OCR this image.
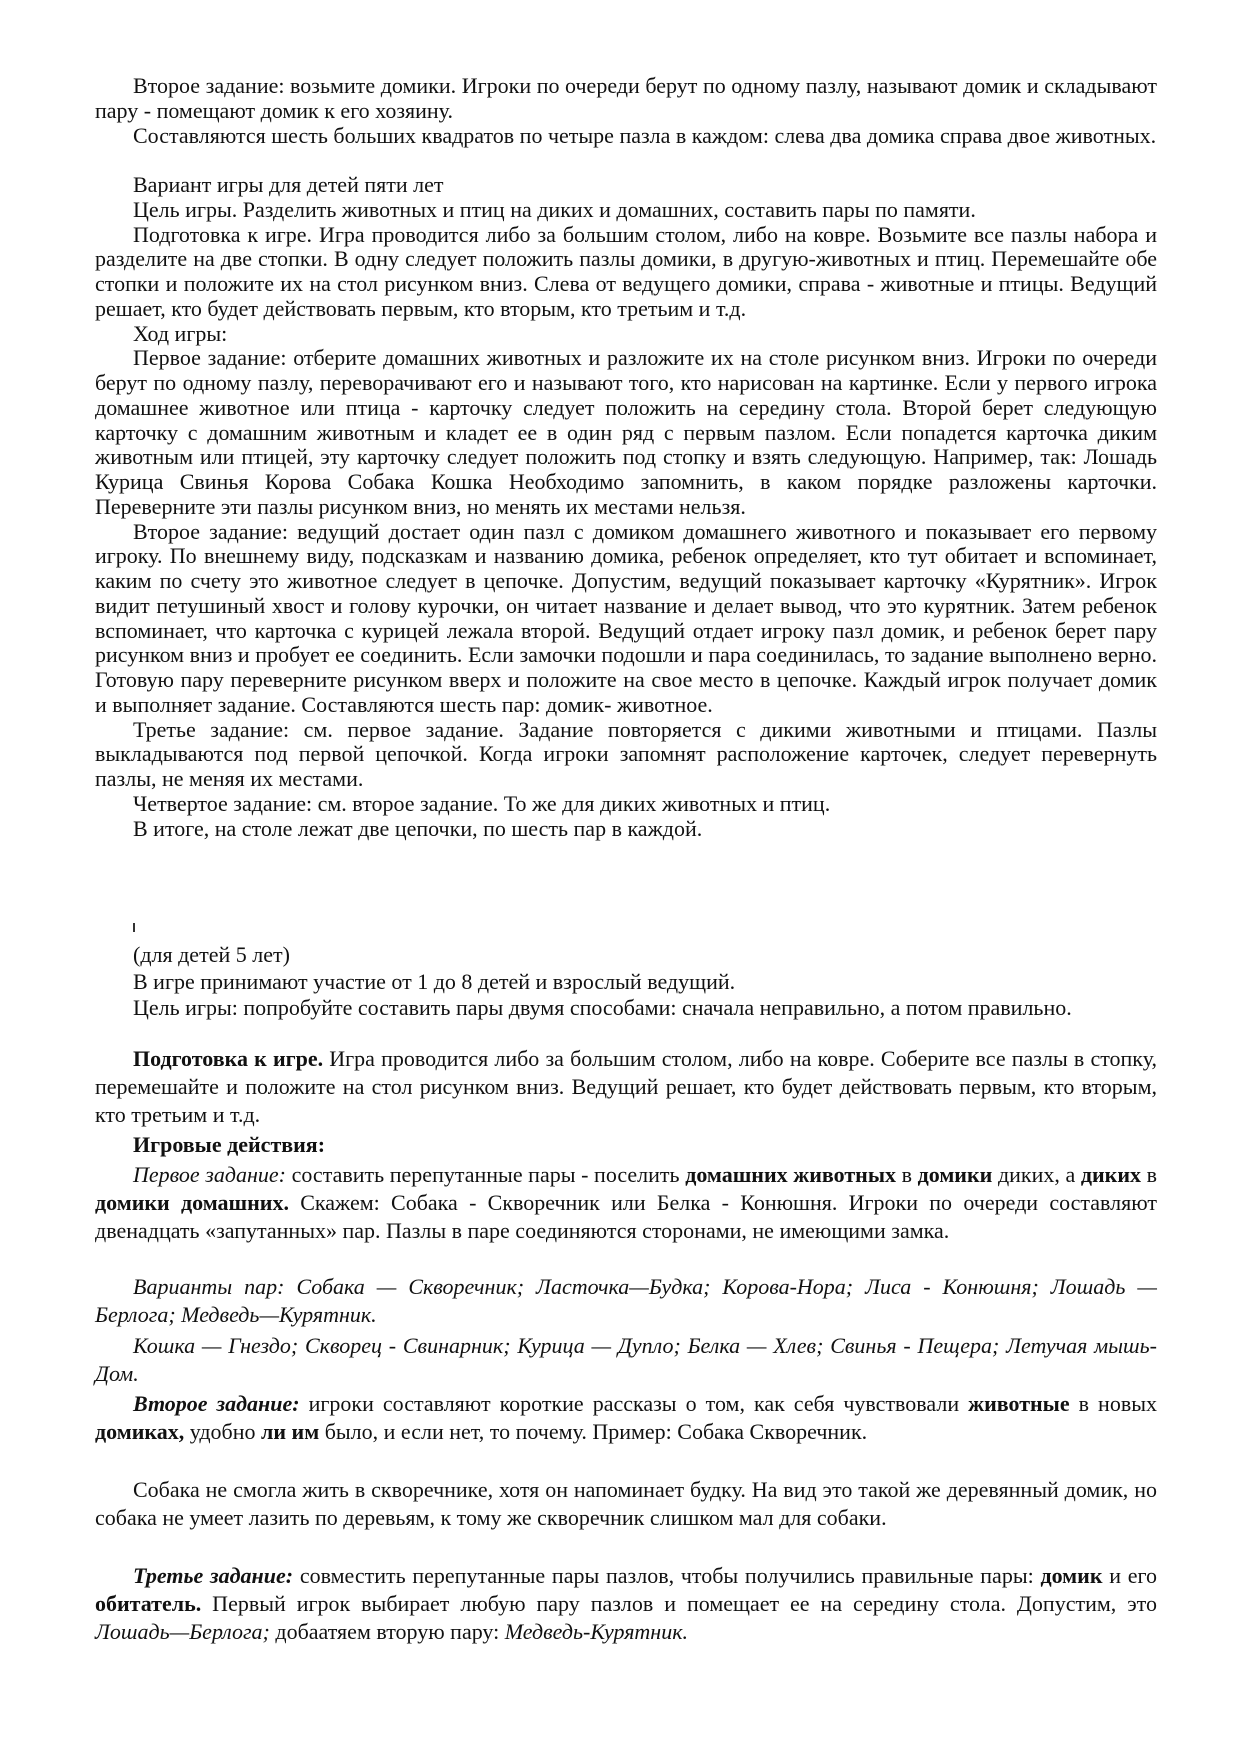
Второе задание: возьмите домики. Игроки по очереди берут по одному пазлу, называют домик и складывают пару - помещают домик к его хозяину.

Составляются шесть больших квадратов по четыре пазла в каждом: слева два домика справа двое животных.

Вариант игры для детей пяти лет

Цель игры. Разделить животных и птиц на диких и домашних, составить пары по памяти.

Подготовка к игре. Игра проводится либо за большим столом, либо на ковре. Возьмите все пазлы набора и разделите на две стопки. В одну следует положить пазлы домики, в другую-животных и птиц. Перемешайте обе стопки и положите их на стол рисунком вниз. Слева от ведущего домики, справа - животные и птицы. Ведущий решает, кто будет действовать первым, кто вторым, кто третьим и т.д.

Ход игры:

Первое задание: отберите домашних животных и разложите их на столе рисунком вниз. Игроки по очереди берут по одному пазлу, переворачивают его и называют того, кто нарисован на картинке. Если у первого игрока домашнее животное или птица - карточку следует положить на середину стола. Второй берет следующую карточку с домашним животным и кладет ее в один ряд с первым пазлом. Если попадется карточка диким животным или птицей, эту карточку следует положить под стопку и взять следующую. Например, так: Лошадь Курица Свинья Корова Собака Кошка Необходимо запомнить, в каком порядке разложены карточки. Переверните эти пазлы рисунком вниз, но менять их местами нельзя.

Второе задание: ведущий достает один пазл с домиком домашнего животного и показывает его первому игроку. По внешнему виду, подсказкам и названию домика, ребенок определяет, кто тут обитает и вспоминает, каким по счету это животное следует в цепочке. Допустим, ведущий показывает карточку «Курятник». Игрок видит петушиный хвост и голову курочки, он читает название и делает вывод, что это курятник. Затем ребенок вспоминает, что карточка с курицей лежала второй. Ведущий отдает игроку пазл домик, и ребенок берет пару рисунком вниз и пробует ее соединить. Если замочки подошли и пара соединилась, то задание выполнено верно. Готовую пару переверните рисунком вверх и положите на свое место в цепочке. Каждый игрок получает домик и выполняет задание. Составляются шесть пар: домик- животное.

Третье задание: см. первое задание. Задание повторяется с дикими животными и птицами. Пазлы выкладываются под первой цепочкой. Когда игроки запомнят расположение карточек, следует перевернуть пазлы, не меняя их местами.

Четвертое задание: см. второе задание. То же для диких животных и птиц.

В итоге, на столе лежат две цепочки, по шесть пар в каждой.

(для детей 5 лет)

В игре принимают участие от 1 до 8 детей и взрослый ведущий.

Цель игры: попробуйте составить пары двумя способами: сначала неправильно, а потом правильно.

Подготовка к игре. Игра проводится либо за большим столом, либо на ковре. Соберите все пазлы в стопку, перемешайте и положите на стол рисунком вниз. Ведущий решает, кто будет действовать первым, кто вторым, кто третьим и т.д.

Игровые действия:

Первое задание: составить перепутанные пары - поселить домашних животных в домики диких, а диких в домики домашних. Скажем: Собака - Скворечник или Белка - Конюшня. Игроки по очереди составляют двенадцать «запутанных» пар. Пазлы в паре соединяются сторонами, не имеющими замка.

Варианты пар: Собака — Скворечник; Ласточка—Будка; Корова-Нора; Лиса - Конюшня; Лошадь — Берлога; Медведь—Курятник.

Кошка — Гнездо; Скворец - Свинарник; Курица — Дупло; Белка — Хлев; Свинья - Пещера; Летучая мышь- Дом.

Второе задание: игроки составляют короткие рассказы о том, как себя чувствовали животные в новых домиках, удобно ли им было, и если нет, то почему. Пример: Собака Скворечник.

Собака не смогла жить в скворечнике, хотя он напоминает будку. На вид это такой же деревянный домик, но собака не умеет лазить по деревьям, к тому же скворечник слишком мал для собаки.

Третье задание: совместить перепутанные пары пазлов, чтобы получились правильные пары: домик и его обитатель. Первый игрок выбирает любую пару пазлов и помещает ее на середину стола. Допустим, это Лошадь—Берлога; добаатяем вторую пару: Медведь-Курятник.
